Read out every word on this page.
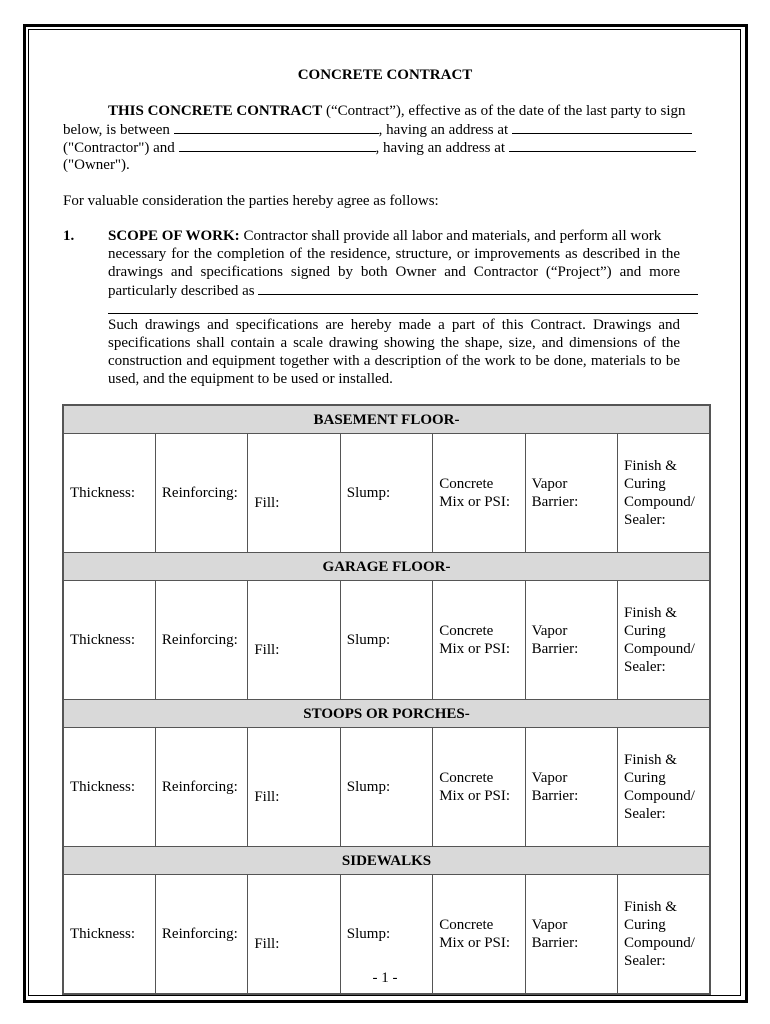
CONCRETE CONTRACT
THIS CONCRETE CONTRACT (“Contract”), effective as of the date of the last party to sign
below, is between	, having an address at
("Contractor") and	, having an address at
("Owner").
For valuable consideration the parties hereby agree as follows:
1. SCOPE OF WORK: Contractor shall provide all labor and materials, and perform all work
necessary for the completion of the residence, structure, or improvements as described in the
drawings and specifications signed by both Owner and Contractor (“Project”) and more
particularly described as
Such drawings and specifications are hereby made a part of this Contract. Drawings and
specifications shall contain a scale drawing showing the shape, size, and dimensions of the
construction and equipment together with a description of the work to be done, materials to be
used, and the equipment to be used or installed.
BASEMENT FLOOR-						
Thickness:	Reinforcing:	Fill:	Slump:	Concrete Mix or PSI:	Vapor Barrier:	Finish & Curing Compound/ Sealer:
GARAGE FLOOR-						
Thickness:	Reinforcing:	Fill:	Slump:	Concrete Mix or PSI:	Vapor Barrier:	Finish & Curing Compound/ Sealer:
STOOPS OR PORCHES-						
Thickness:	Reinforcing:	Fill:	Slump:	Concrete Mix or PSI:	Vapor Barrier:	Finish & Curing Compound/ Sealer:
SIDEWALKS						
Thickness:	Reinforcing:	Fill:	Slump:	Concrete Mix or PSI:	Vapor Barrier:	Finish & Curing Compound/ Sealer:
- 1 -
